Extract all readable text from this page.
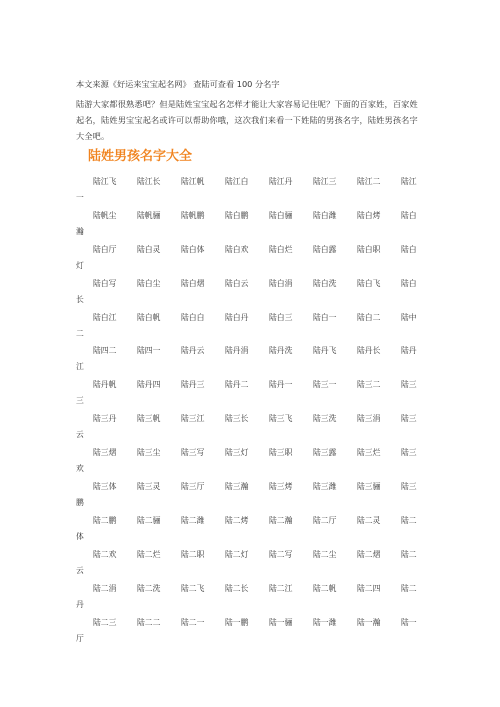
本文来源《好运来宝宝起名网》 查陆可查看 100 分名字
陆游大家都很熟悉吧？但是陆姓宝宝起名怎样才能让大家容易记住呢？下面的百家姓，百家姓起名，陆姓男宝宝起名或许可以帮助你哦，这次我们来看一下姓陆的男孩名字，陆姓男孩名字大全吧。
陆姓男孩名字大全
陆江飞	陆江长	陆江帆	陆江白	陆江丹	陆江三	陆江二	陆江
一
陆帆尘	陆帆骊	陆帆鹏	陆白鹏	陆白骊	陆白潍	陆白烤	陆白
瀚
陆白厅	陆白灵	陆白体	陆白欢	陆白烂	陆白露	陆白职	陆白
灯
陆白写	陆白尘	陆白熠	陆白云	陆白涓	陆白洗	陆白飞	陆白
长
陆白江	陆白帆	陆白白	陆白丹	陆白三	陆白一	陆白二	陆中
二
陆四二	陆四一	陆丹云	陆丹涓	陆丹洗	陆丹飞	陆丹长	陆丹
江
陆丹帆	陆丹四	陆丹三	陆丹二	陆丹一	陆三一	陆三二	陆三
三
陆三丹	陆三帆	陆三江	陆三长	陆三飞	陆三洗	陆三涓	陆三
云
陆三熠	陆三尘	陆三写	陆三灯	陆三职	陆三露	陆三烂	陆三
欢
陆三体	陆三灵	陆三厅	陆三瀚	陆三烤	陆三潍	陆三骊	陆三
鹏
陆二鹏	陆二骊	陆二潍	陆二烤	陆二瀚	陆二厅	陆二灵	陆二
体
陆二欢	陆二烂	陆二职	陆二灯	陆二写	陆二尘	陆二熠	陆二
云
陆二涓	陆二洗	陆二飞	陆二长	陆二江	陆二帆	陆二四	陆二
丹
陆二三	陆二二	陆二一	陆一鹏	陆一骊	陆一潍	陆一瀚	陆一
厅
